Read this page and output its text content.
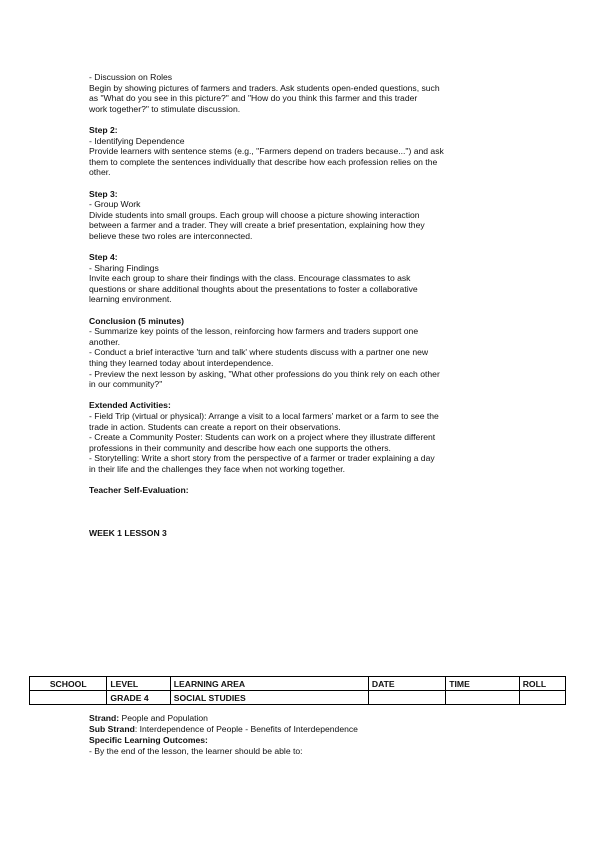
- Discussion on Roles

Begin by showing pictures of farmers and traders. Ask students open-ended questions, such

as "What do you see in this picture?" and "How do you think this farmer and this trader

work together?" to stimulate discussion.

Step 2:

- Identifying Dependence

Provide learners with sentence stems (e.g., "Farmers depend on traders because...") and ask

them to complete the sentences individually that describe how each profession relies on the

other.

Step 3:

- Group Work

Divide students into small groups. Each group will choose a picture showing interaction

between a farmer and a trader. They will create a brief presentation, explaining how they

believe these two roles are interconnected.

Step 4:

- Sharing Findings

Invite each group to share their findings with the class. Encourage classmates to ask

questions or share additional thoughts about the presentations to foster a collaborative

learning environment.

Conclusion (5 minutes)

- Summarize key points of the lesson, reinforcing how farmers and traders support one

another.

- Conduct a brief interactive 'turn and talk' where students discuss with a partner one new

thing they learned today about interdependence.

- Preview the next lesson by asking, "What other professions do you think rely on each other

in our community?"

Extended Activities:

- Field Trip (virtual or physical): Arrange a visit to a local farmers' market or a farm to see the

trade in action. Students can create a report on their observations.

- Create a Community Poster: Students can work on a project where they illustrate different

professions in their community and describe how each one supports the others.

- Storytelling: Write a short story from the perspective of a farmer or trader explaining a day

in their life and the challenges they face when not working together.

Teacher Self-Evaluation:

WEEK 1 LESSON 3

SCHOOL	LEVEL	LEARNING AREA	DATE	TIME	ROLL
	GRADE 4	SOCIAL STUDIES			

Strand: People and Population

Sub Strand: Interdependence of People - Benefits of Interdependence

Specific Learning Outcomes:

- By the end of the lesson, the learner should be able to:
